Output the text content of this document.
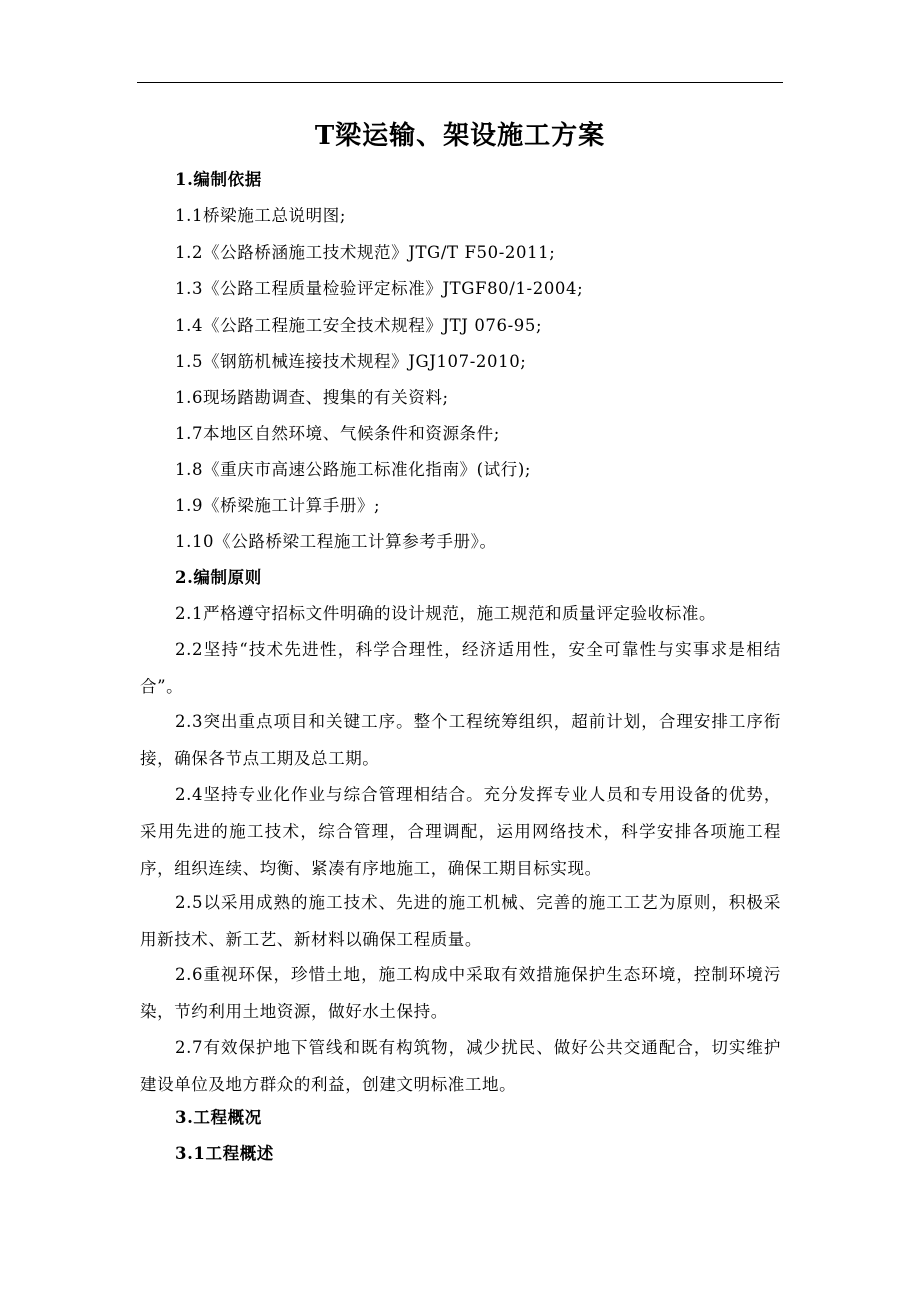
T梁运输、架设施工方案
1.编制依据
1.1桥梁施工总说明图;
1.2《公路桥涵施工技术规范》JTG/T F50-2011;
1.3《公路工程质量检验评定标准》JTGF80/1-2004;
1.4《公路工程施工安全技术规程》JTJ 076-95;
1.5《钢筋机械连接技术规程》JGJ107-2010;
1.6现场踏勘调查、搜集的有关资料;
1.7本地区自然环境、气候条件和资源条件;
1.8《重庆市高速公路施工标准化指南》(试行);
1.9《桥梁施工计算手册》;
1.10《公路桥梁工程施工计算参考手册》。
2.编制原则
2.1严格遵守招标文件明确的设计规范，施工规范和质量评定验收标准。
2.2坚持“技术先进性，科学合理性，经济适用性，安全可靠性与实事求是相结合”。
2.3突出重点项目和关键工序。整个工程统筹组织，超前计划，合理安排工序衔接，确保各节点工期及总工期。
2.4坚持专业化作业与综合管理相结合。充分发挥专业人员和专用设备的优势，采用先进的施工技术，综合管理，合理调配，运用网络技术，科学安排各项施工程序，组织连续、均衡、紧凑有序地施工，确保工期目标实现。
2.5以采用成熟的施工技术、先进的施工机械、完善的施工工艺为原则，积极采用新技术、新工艺、新材料以确保工程质量。
2.6重视环保，珍惜土地，施工构成中采取有效措施保护生态环境，控制环境污染，节约利用土地资源，做好水土保持。
2.7有效保护地下管线和既有构筑物，减少扰民、做好公共交通配合，切实维护建设单位及地方群众的利益，创建文明标准工地。
3.工程概况
3.1工程概述
